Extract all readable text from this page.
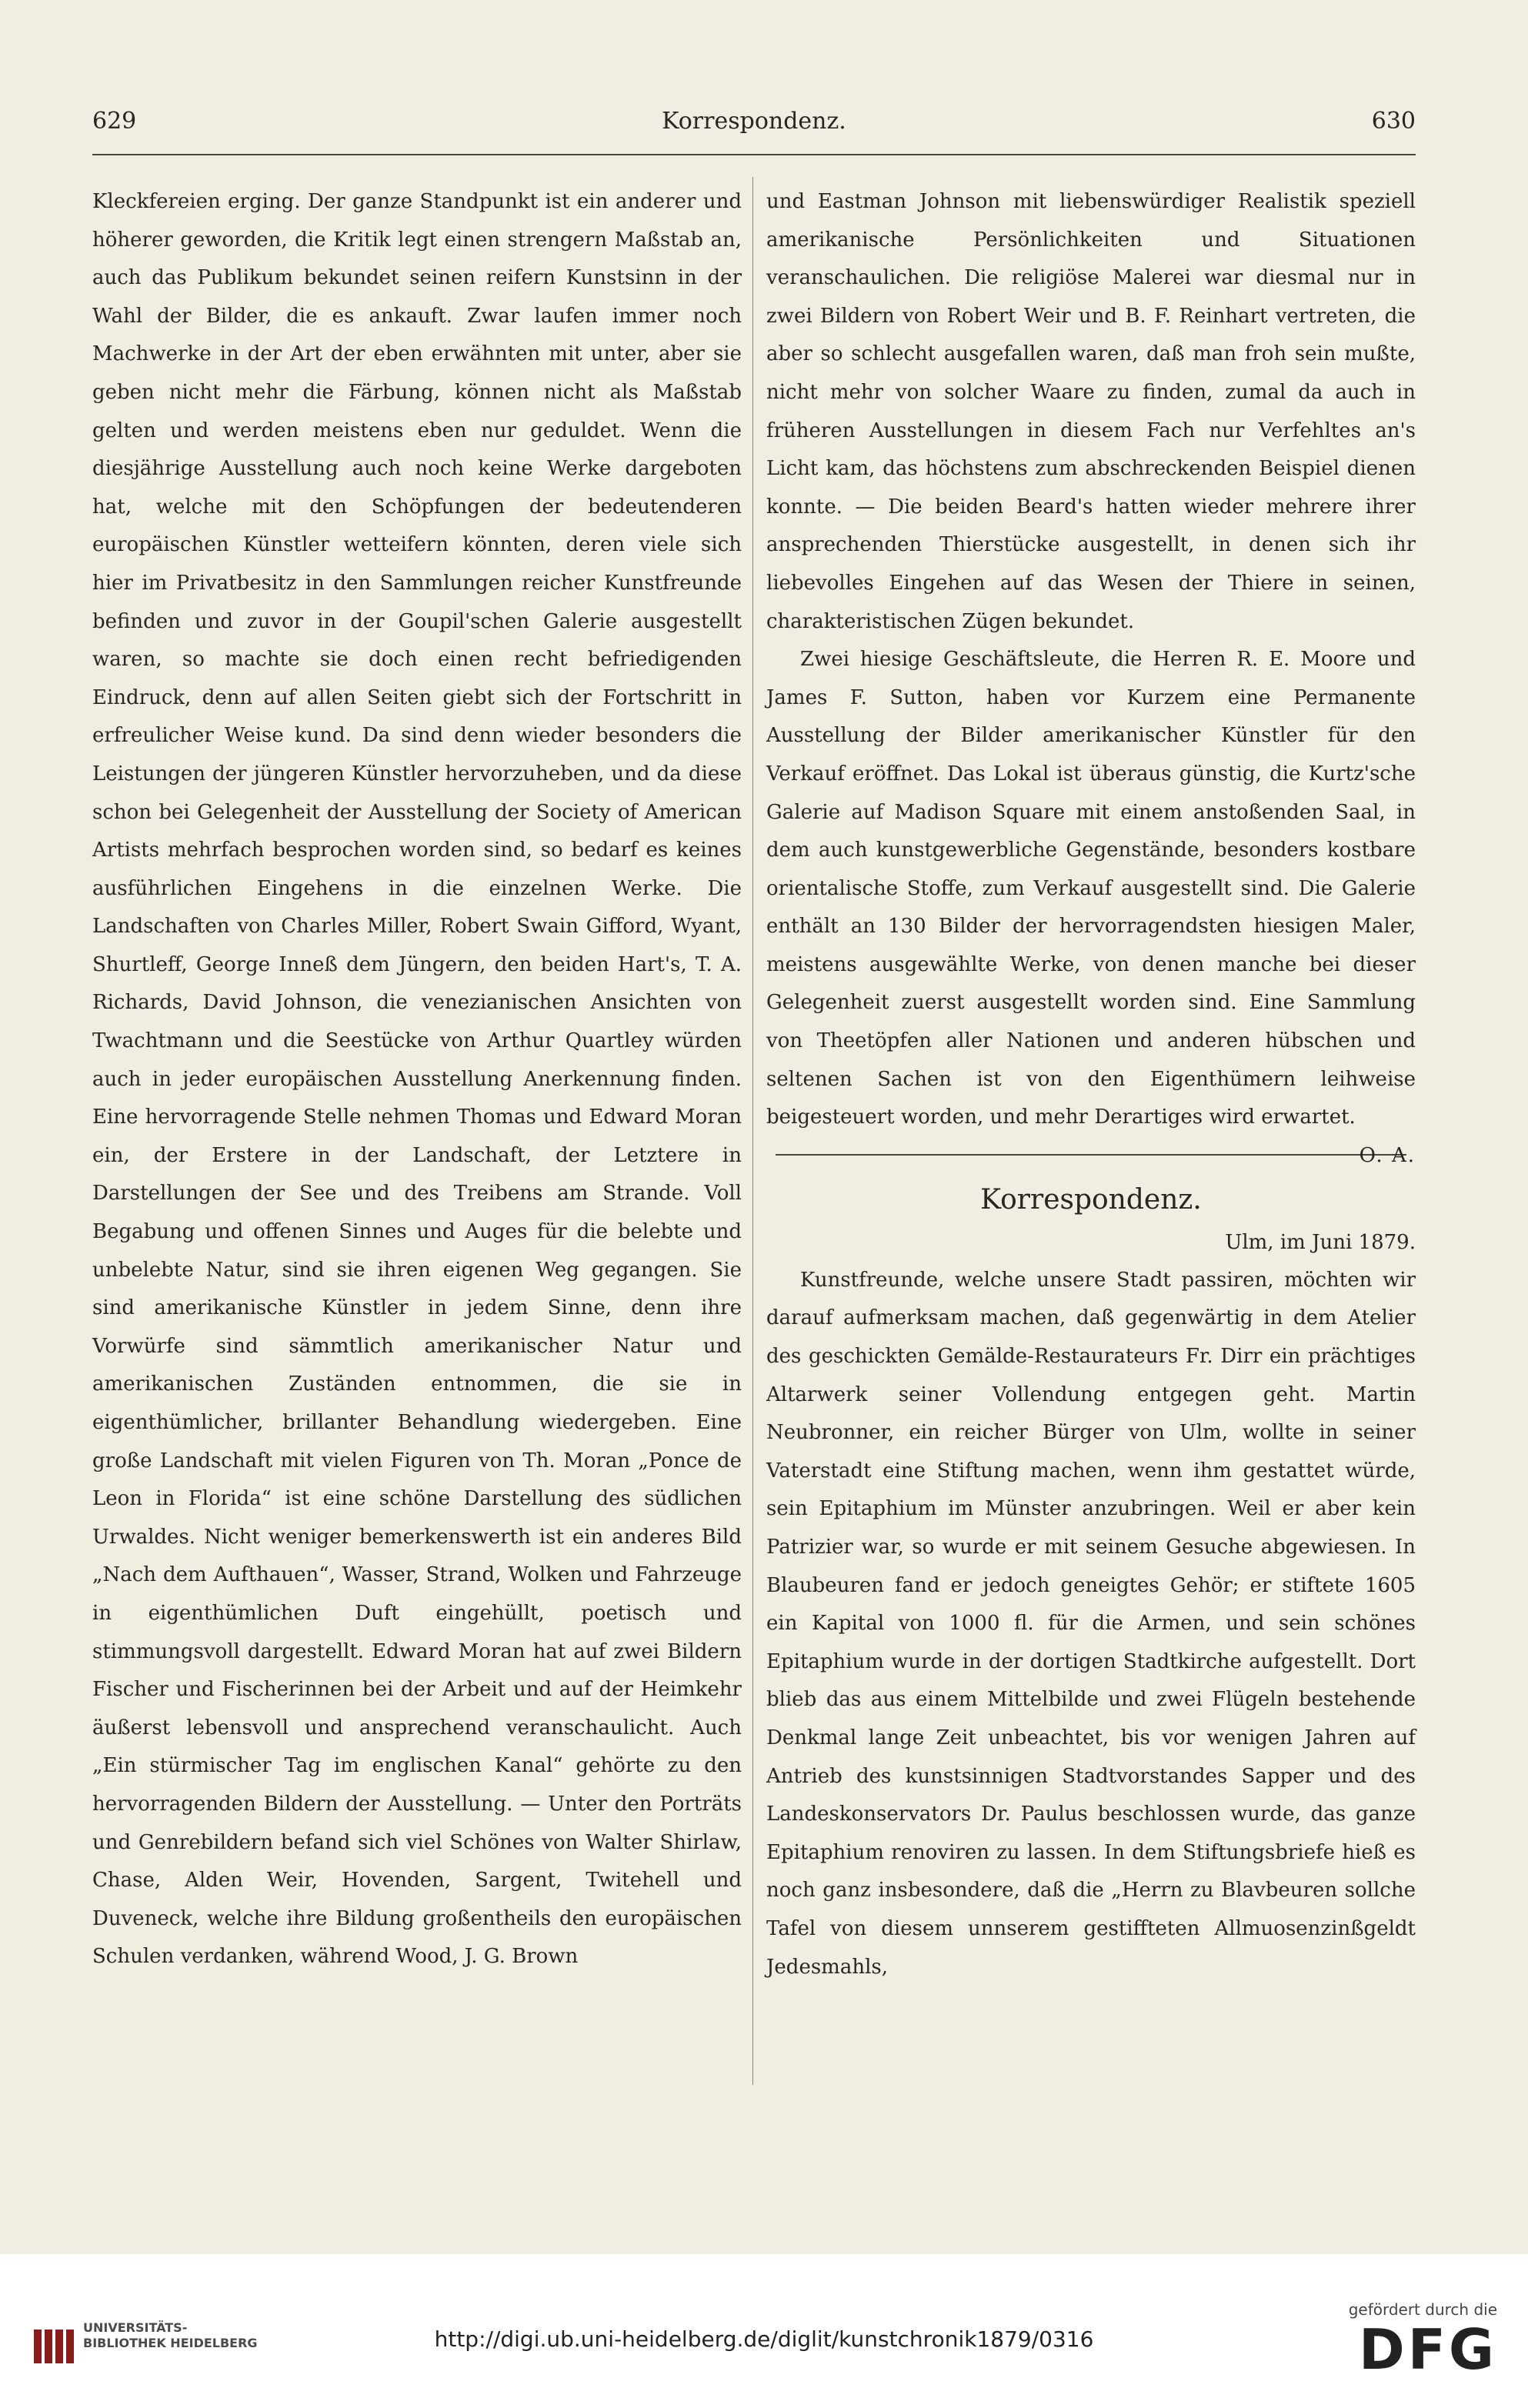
629	Korrespondenz.	630

Kleckfereien erging. Der ganze Standpunkt ist ein anderer und höherer geworden, die Kritik legt einen strengern Maßstab an, auch das Publikum bekundet seinen reifern Kunstsinn in der Wahl der Bilder, die es ankauft. Zwar laufen immer noch Machwerke in der Art der eben erwähnten mit unter, aber sie geben nicht mehr die Färbung, können nicht als Maßstab gelten und werden meistens eben nur geduldet. Wenn die diesjährige Ausstellung auch noch keine Werke dargeboten hat, welche mit den Schöpfungen der bedeutenderen europäischen Künstler wetteifern könnten, deren viele sich hier im Privatbesitz in den Sammlungen reicher Kunstfreunde befinden und zuvor in der Goupil'schen Galerie ausgestellt waren, so machte sie doch einen recht befriedigenden Eindruck, denn auf allen Seiten giebt sich der Fortschritt in erfreulicher Weise kund. Da sind denn wieder besonders die Leistungen der jüngeren Künstler hervorzuheben, und da diese schon bei Gelegenheit der Ausstellung der Society of American Artists mehrfach besprochen worden sind, so bedarf es keines ausführlichen Eingehens in die einzelnen Werke. Die Landschaften von Charles Miller, Robert Swain Gifford, Wyant, Shurtleff, George Inneß dem Jüngern, den beiden Hart's, T. A. Richards, David Johnson, die venezianischen Ansichten von Twachtmann und die Seestücke von Arthur Quartley würden auch in jeder europäischen Ausstellung Anerkennung finden. Eine hervorragende Stelle nehmen Thomas und Edward Moran ein, der Erstere in der Landschaft, der Letztere in Darstellungen der See und des Treibens am Strande. Voll Begabung und offenen Sinnes und Auges für die belebte und unbelebte Natur, sind sie ihren eigenen Weg gegangen. Sie sind amerikanische Künstler in jedem Sinne, denn ihre Vorwürfe sind sämmtlich amerikanischer Natur und amerikanischen Zuständen entnommen, die sie in eigenthümlicher, brillanter Behandlung wiedergeben. Eine große Landschaft mit vielen Figuren von Th. Moran „Ponce de Leon in Florida“ ist eine schöne Darstellung des südlichen Urwaldes. Nicht weniger bemerkenswerth ist ein anderes Bild „Nach dem Aufthauen“, Wasser, Strand, Wolken und Fahrzeuge in eigenthümlichen Duft eingehüllt, poetisch und stimmungsvoll dargestellt. Edward Moran hat auf zwei Bildern Fischer und Fischerinnen bei der Arbeit und auf der Heimkehr äußerst lebensvoll und ansprechend veranschaulicht. Auch „Ein stürmischer Tag im englischen Kanal“ gehörte zu den hervorragenden Bildern der Ausstellung. — Unter den Porträts und Genrebildern befand sich viel Schönes von Walter Shirlaw, Chase, Alden Weir, Hovenden, Sargent, Twitehell und Duveneck, welche ihre Bildung großentheils den europäischen Schulen verdanken, während Wood, J. G. Brown

und Eastman Johnson mit liebenswürdiger Realistik speziell amerikanische Persönlichkeiten und Situationen veranschaulichen. Die religiöse Malerei war diesmal nur in zwei Bildern von Robert Weir und B. F. Reinhart vertreten, die aber so schlecht ausgefallen waren, daß man froh sein mußte, nicht mehr von solcher Waare zu finden, zumal da auch in früheren Ausstellungen in diesem Fach nur Verfehltes an's Licht kam, das höchstens zum abschreckenden Beispiel dienen konnte. — Die beiden Beard's hatten wieder mehrere ihrer ansprechenden Thierstücke ausgestellt, in denen sich ihr liebevolles Eingehen auf das Wesen der Thiere in seinen, charakteristischen Zügen bekundet.

Zwei hiesige Geschäftsleute, die Herren R. E. Moore und James F. Sutton, haben vor Kurzem eine Permanente Ausstellung der Bilder amerikanischer Künstler für den Verkauf eröffnet. Das Lokal ist überaus günstig, die Kurtz'sche Galerie auf Madison Square mit einem anstoßenden Saal, in dem auch kunstgewerbliche Gegenstände, besonders kostbare orientalische Stoffe, zum Verkauf ausgestellt sind. Die Galerie enthält an 130 Bilder der hervorragendsten hiesigen Maler, meistens ausgewählte Werke, von denen manche bei dieser Gelegenheit zuerst ausgestellt worden sind. Eine Sammlung von Theetöpfen aller Nationen und anderen hübschen und seltenen Sachen ist von den Eigenthümern leihweise beigesteuert worden, und mehr Derartiges wird erwartet.
O. A.

Korrespondenz.

Ulm, im Juni 1879.

Kunstfreunde, welche unsere Stadt passiren, möchten wir darauf aufmerksam machen, daß gegenwärtig in dem Atelier des geschickten Gemälde-Restaurateurs Fr. Dirr ein prächtiges Altarwerk seiner Vollendung entgegen geht. Martin Neubronner, ein reicher Bürger von Ulm, wollte in seiner Vaterstadt eine Stiftung machen, wenn ihm gestattet würde, sein Epitaphium im Münster anzubringen. Weil er aber kein Patrizier war, so wurde er mit seinem Gesuche abgewiesen. In Blaubeuren fand er jedoch geneigtes Gehör; er stiftete 1605 ein Kapital von 1000 fl. für die Armen, und sein schönes Epitaphium wurde in der dortigen Stadtkirche aufgestellt. Dort blieb das aus einem Mittelbilde und zwei Flügeln bestehende Denkmal lange Zeit unbeachtet, bis vor wenigen Jahren auf Antrieb des kunstsinnigen Stadtvorstandes Sapper und des Landeskonservators Dr. Paulus beschlossen wurde, das ganze Epitaphium renoviren zu lassen. In dem Stiftungsbriefe hieß es noch ganz insbesondere, daß die „Herrn zu Blavbeuren sollche Tafel von diesem unnserem gestiffteten Allmuosenzinßgeldt Jedesmahls,

UNIVERSITÄTS- BIBLIOTHEK HEIDELBERG	http://digi.ub.uni-heidelberg.de/diglit/kunstchronik1879/0316
gefördert durch die
DFG
